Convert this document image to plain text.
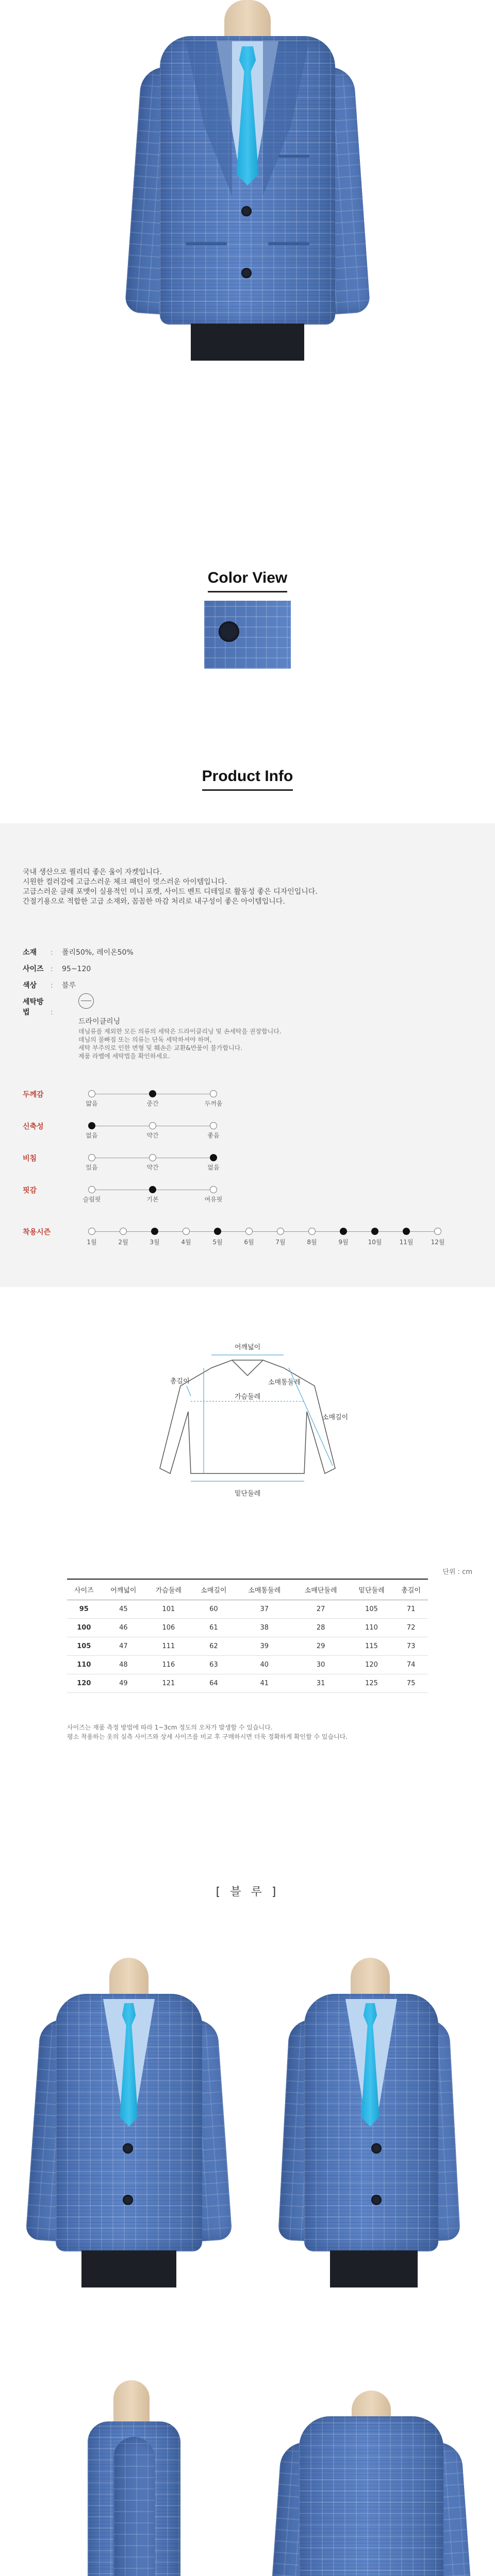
Color View
Product Info
국내 생산으로 퀄리티 좋은 울이 자켓입니다.
시원한 컬러감에 고급스러운 체크 패턴이 멋스러운 아이템입니다.
고급스러운 클래 포맷이 실용적인 미니 포켓, 사이드 벤트 디테일로 활동성 좋은 디자인입니다.
간절기용으로 적합한 고급 소재와, 꼼꼼한 마감 처리로 내구성이 좋은 아이템입니다.
소재 : 폴리50%, 레이온50%
사이즈 : 95~120
색상 : 블루
세탁방법	:
드라이클리닝
데님류를 제외한 모든 의류의 세탁은 드라이클리닝 및 손세탁을 권장합니다.
데님의 물빠짐 또는 의류는 단독 세탁하셔야 하며,
세탁 부주의로 인한 변형 및 훼손은 교환&반품이 불가합니다.
제품 라벨에 세탁법을 확인하세요.
두께감
얇음	중간	두꺼움
신축성
없음	약간	좋음
비침
있음	약간	없음
핏감
슬림핏	기본	여유핏
착용시즌
1월	2월	3월	4월	5월	6월	7월	8월	9월	10월	11월	12월
어깨넓이
총길이
가슴둘레
소매통둘레
소매길이
밑단둘레
단위 : cm
사이즈	어깨넓이	가슴둘레	소매길이	소매통둘레	소매단둘레	밑단둘레	총길이
95	45	101	60	37	27	105	71
100	46	106	61	38	28	110	72
105	47	111	62	39	29	115	73
110	48	116	63	40	30	120	74
120	49	121	64	41	31	125	75
사이즈는 재품 측정 방법에 따라 1~3cm 정도의 오차가 발생할 수 있습니다.
평소 착용하는 옷의 실측 사이즈와 상세 사이즈를 비교 후 구매하시면 더욱 정확하게 확인할 수 있습니다.
[ 블 루 ]
